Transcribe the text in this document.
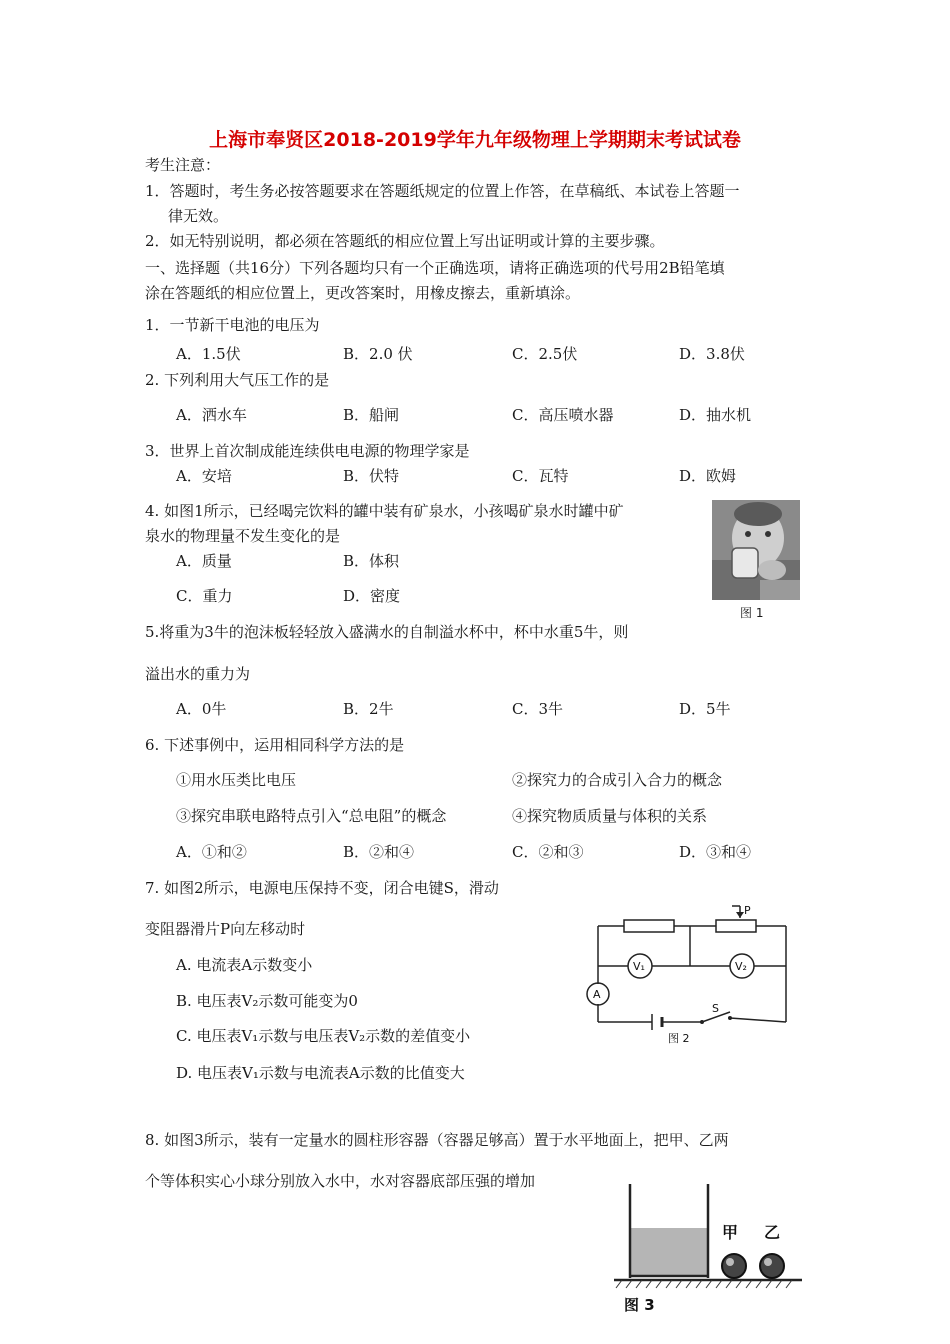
上海市奉贤区2018-2019学年九年级物理上学期期末考试试卷
考生注意：
1．答题时，考生务必按答题要求在答题纸规定的位置上作答，在草稿纸、本试卷上答题一
律无效。
2．如无特别说明，都必须在答题纸的相应位置上写出证明或计算的主要步骤。
一、选择题（共16分）下列各题均只有一个正确选项，请将正确选项的代号用2B铅笔填
涂在答题纸的相应位置上，更改答案时，用橡皮擦去，重新填涂。
1．一节新干电池的电压为
A．1.5伏	B．2.0 伏	C．2.5伏	D．3.8伏
2. 下列利用大气压工作的是
A．洒水车	B．船闸	C．高压喷水器	D．抽水机
3．世界上首次制成能连续供电电源的物理学家是
A．安培	B．伏特	C．瓦特	D．欧姆
4. 如图1所示，已经喝完饮料的罐中装有矿泉水，小孩喝矿泉水时罐中矿
泉水的物理量不发生变化的是
A．质量	B．体积
C．重力	D．密度
图 1
5.将重为3牛的泡沫板轻轻放入盛满水的自制溢水杯中，杯中水重5牛，则
溢出水的重力为
A．0牛	B．2牛	C．3牛	D．5牛
6. 下述事例中，运用相同科学方法的是
①用水压类比电压	②探究力的合成引入合力的概念
③探究串联电路特点引入“总电阻”的概念	④探究物质质量与体积的关系
A．①和②	B．②和④	C．②和③	D．③和④
7. 如图2所示，电源电压保持不变，闭合电键S，滑动
变阻器滑片P向左移动时
A. 电流表A示数变小
B. 电压表V₂示数可能变为0
C. 电压表V₁示数与电压表V₂示数的差值变小
D. 电压表V₁示数与电流表A示数的比值变大
P
V₁	V₂
A
S
图 2
8. 如图3所示，装有一定量水的圆柱形容器（容器足够高）置于水平地面上，把甲、乙两
个等体积实心小球分别放入水中，水对容器底部压强的增加
甲 乙
图 3
